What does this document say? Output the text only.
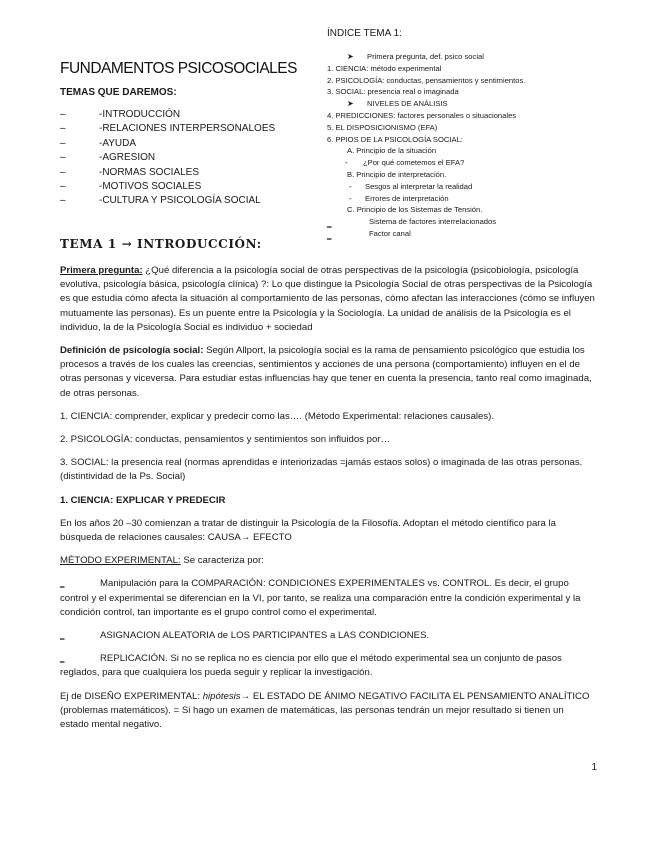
FUNDAMENTOS PSICOSOCIALES
TEMAS QUE DAREMOS:
–	-INTRODUCCIÓN
–	-RELACIONES INTERPERSONALOES
–	-AYUDA
–	-AGRESION
–	-NORMAS SOCIALES
–	-MOTIVOS SOCIALES
–	-CULTURA Y PSICOLOGÍA SOCIAL
ÍNDICE TEMA 1:
➤ Primera pregunta, def. psico social
1. CIENCIA: método experimental
2. PSICOLOGÍA: conductas, pensamientos y sentimientos.
3. SOCIAL: presencia real o imaginada
➤ NIVELES DE ANÁLISIS
4. PREDICCIONES: factores personales o situacionales
5. EL DISPOSICIONISMO (EFA)
6. PPIOS DE LA PSICOLOGÍA SOCIAL:
A. Principio de la situación
- ¿Por qué cometemos el EFA?
B. Principio de interpretación.
- Sesgos al interpretar la realidad
- Errores de interpretación
C. Principio de los Sistemas de Tensión.
‗	Sistema de factores interrelacionados
‗	Factor canal
TEMA 1 → INTRODUCCIÓN:

Primera pregunta: ¿Qué diferencia a la psicología social de otras perspectivas de la psicología (psicobiología, psicología evolutiva, psicología básica, psicología clínica) ?: Lo que distingue la Psicología Social de otras perspectivas de la Psicología es que estudia cómo afecta la situación al comportamiento de las personas, cómo afectan las interacciones (cómo se influyen mutuamente las personas). Es un puente entre la Psicología y la Sociología. La unidad de análisis de la Psicología es el individuo, la de la Psicología Social es individuo + sociedad

Definición de psicología social: Según Allport, la psicología social es la rama de pensamiento psicológico que estudia los procesos a través de los cuales las creencias, sentimientos y acciones de una persona (comportamiento) influyen en el de otras personas y viceversa. Para estudiar estas influencias hay que tener en cuenta la presencia, tanto real como imaginada, de otras personas.

1. CIENCIA: comprender, explicar y predecir como las…. (Método Experimental: relaciones causales).

2. PSICOLOGÍA: conductas, pensamientos y sentimientos son influidos por…

3. SOCIAL: la presencia real (normas aprendidas e interiorizadas =jamás estaos solos) o imaginada de las otras personas. (distintividad de la Ps. Social)

1. CIENCIA: EXPLICAR Y PREDECIR

En los años 20 –30 comienzan a tratar de distinguir la Psicología de la Filosofía. Adoptan el método científico para la búsqueda de relaciones causales: CAUSA→ EFECTO

MÉTODO EXPERIMENTAL: Se caracteriza por:

‗	Manipulación para la COMPARACIÓN: CONDICIONES EXPERIMENTALES vs. CONTROL. Es decir, el grupo control y el experimental se diferencian en la VI, por tanto, se realiza una comparación entre la condición experimental y la condición control, tan importante es el grupo control como el experimental.

‗	ASIGNACION ALEATORIA de LOS PARTICIPANTES a LAS CONDICIONES.

‗	REPLICACIÓN. Si no se replica no es ciencia por ello que el método experimental sea un conjunto de pasos reglados, para que cualquiera los pueda seguir y replicar la investigación.

Ej de DISEÑO EXPERIMENTAL: hipótesis→ EL ESTADO DE ÁNIMO NEGATIVO FACILITA EL PENSAMIENTO ANALÍTICO (problemas matemáticos). = Si hago un examen de matemáticas, las personas tendrán un mejor resultado si tienen un estado mental negativo.

1
